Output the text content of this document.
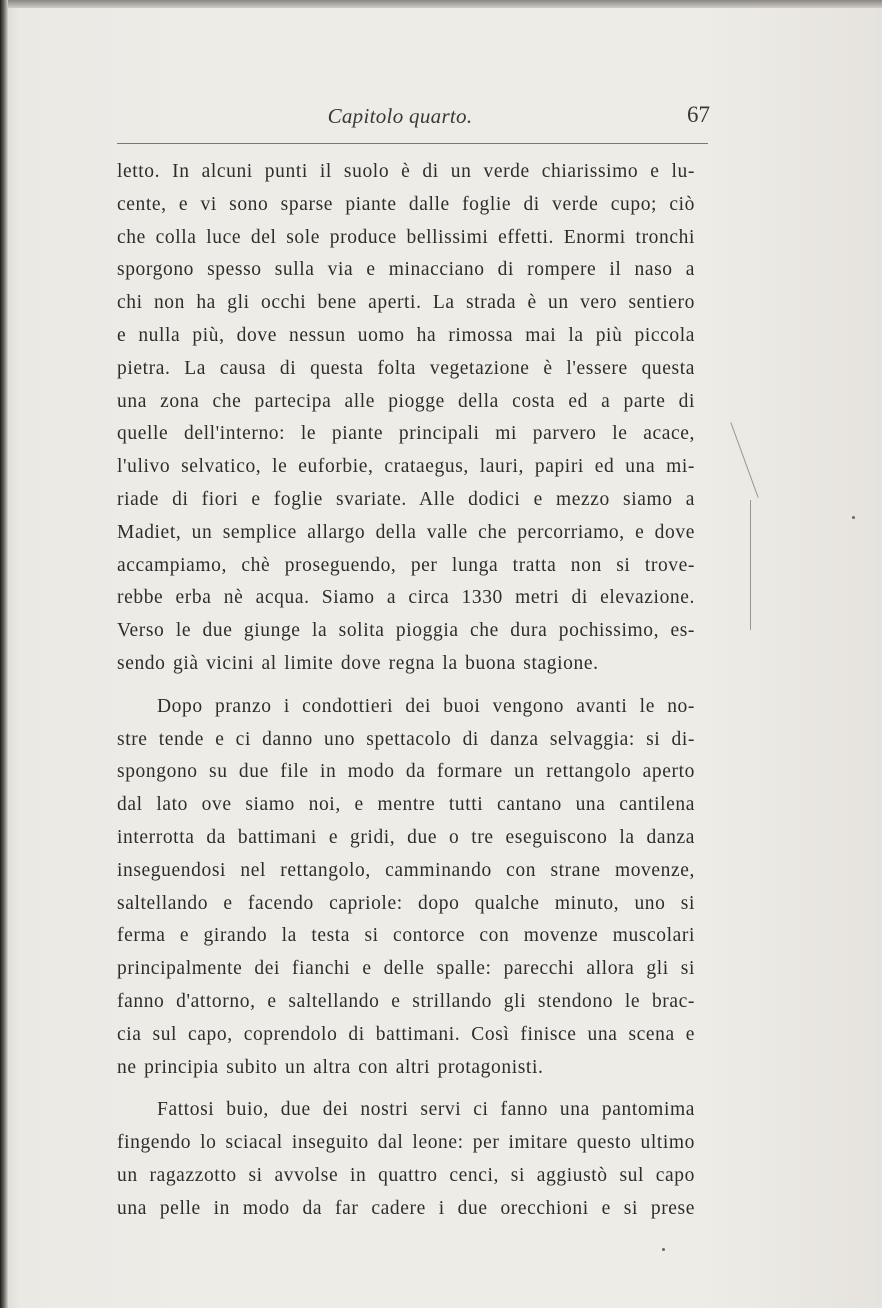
Capitolo quarto.	67
letto. In alcuni punti il suolo è di un verde chiarissimo e lu-
cente, e vi sono sparse piante dalle foglie di verde cupo; ciò
che colla luce del sole produce bellissimi effetti. Enormi tronchi
sporgono spesso sulla via e minacciano di rompere il naso a
chi non ha gli occhi bene aperti. La strada è un vero sentiero
e nulla più, dove nessun uomo ha rimossa mai la più piccola
pietra. La causa di questa folta vegetazione è l'essere questa
una zona che partecipa alle piogge della costa ed a parte di
quelle dell'interno: le piante principali mi parvero le acace,
l'ulivo selvatico, le euforbie, crataegus, lauri, papiri ed una mi-
riade di fiori e foglie svariate. Alle dodici e mezzo siamo a
Madiet, un semplice allargo della valle che percorriamo, e dove
accampiamo, chè proseguendo, per lunga tratta non si trove-
rebbe erba nè acqua. Siamo a circa 1330 metri di elevazione.
Verso le due giunge la solita pioggia che dura pochissimo, es-
sendo già vicini al limite dove regna la buona stagione.
Dopo pranzo i condottieri dei buoi vengono avanti le no-
stre tende e ci danno uno spettacolo di danza selvaggia: si di-
spongono su due file in modo da formare un rettangolo aperto
dal lato ove siamo noi, e mentre tutti cantano una cantilena
interrotta da battimani e gridi, due o tre eseguiscono la danza
inseguendosi nel rettangolo, camminando con strane movenze,
saltellando e facendo capriole: dopo qualche minuto, uno si
ferma e girando la testa si contorce con movenze muscolari
principalmente dei fianchi e delle spalle: parecchi allora gli si
fanno d'attorno, e saltellando e strillando gli stendono le brac-
cia sul capo, coprendolo di battimani. Così finisce una scena e
ne principia subito un altra con altri protagonisti.
Fattosi buio, due dei nostri servi ci fanno una pantomima
fingendo lo sciacal inseguito dal leone: per imitare questo ultimo
un ragazzotto si avvolse in quattro cenci, si aggiustò sul capo
una pelle in modo da far cadere i due orecchioni e si prese
